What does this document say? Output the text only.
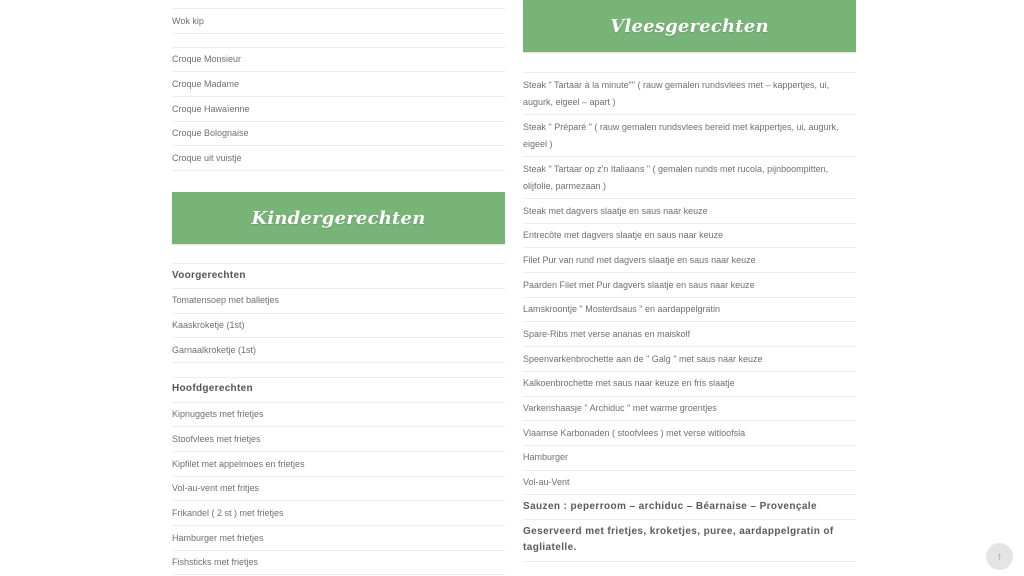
Wok kip
Croque Monsieur
Croque Madame
Croque Hawaïenne
Croque Bolognaise
Croque uit vuistje
Kindergerechten
Voorgerechten
Tomatensoep met balletjes
Kaaskroketje (1st)
Garnaalkroketje (1st)
Hoofdgerechten
Kipnuggets met frietjes
Stoofvlees met frietjes
Kipfilet met appelmoes en frietjes
Vol-au-vent met fritjes
Frikandel ( 2 st ) met frietjes
Hamburger met frietjes
Fishsticks met frietjes
Vleesgerechten
Steak " Tartaar à la minute"" ( rauw gemalen rundsvlees met – kappertjes, ui, augurk, eigeel – apart )
Steak " Préparé " ( rauw gemalen rundsvlees bereid met kappertjes, ui, augurk, eigeel )
Steak " Tartaar op z'n Italiaans " ( gemalen runds met rucola, pijnboompitten, olijfolie, parmezaan )
Steak met dagvers slaatje en saus naar keuze
Entrecôte met dagvers slaatje en saus naar keuze
Filet Pur van rund met dagvers slaatje en saus naar keuze
Paarden Filet met Pur dagvers slaatje en saus naar keuze
Lamskroontje " Mosterdsaus " en aardappelgratin
Spare-Ribs met verse ananas en maiskolf
Speenvarkenbrochette aan de " Galg " met saus naar keuze
Kalkoenbrochette met saus naar keuze en fris slaatje
Varkenshaasje " Archiduc " met warme groentjes
Vlaamse Karbonaden ( stoofvlees ) met verse witloofsla
Hamburger
Vol-au-Vent
Sauzen : peperroom – archiduc – Béarnaise – Provençale
Geserveerd met frietjes, kroketjes, puree, aardappelgratin of tagliatelle.
↑
